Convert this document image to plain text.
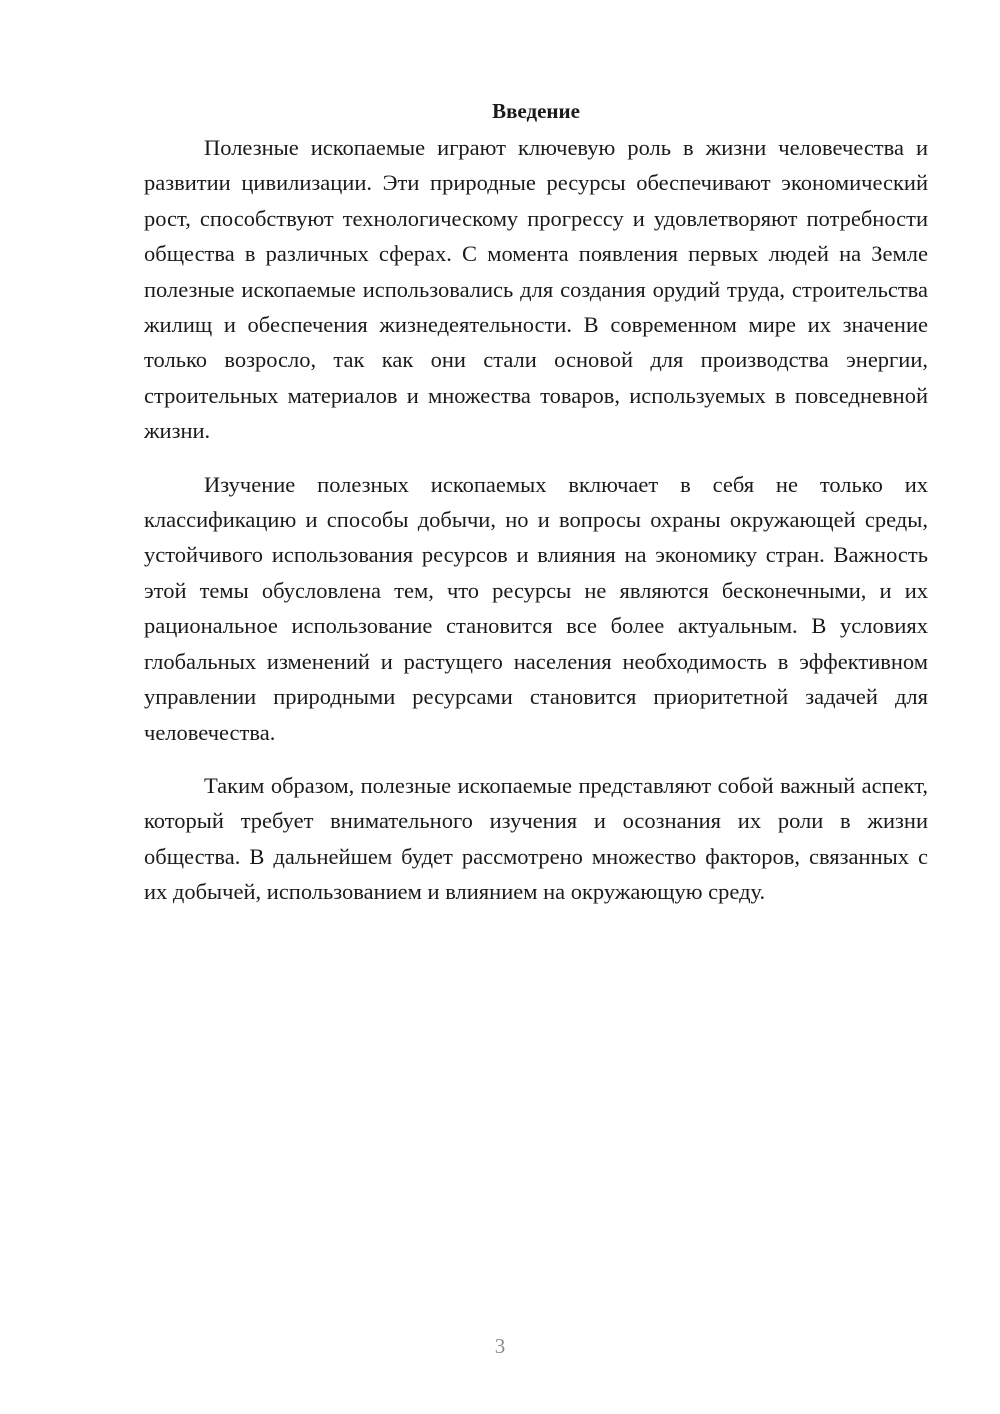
Введение

Полезные ископаемые играют ключевую роль в жизни человечества и развитии цивилизации. Эти природные ресурсы обеспечивают экономический рост, способствуют технологическому прогрессу и удовлетворяют потребности общества в различных сферах. С момента появления первых людей на Земле полезные ископаемые использовались для создания орудий труда, строительства жилищ и обеспечения жизнедеятельности. В современном мире их значение только возросло, так как они стали основой для производства энергии, строительных материалов и множества товаров, используемых в повседневной жизни.

Изучение полезных ископаемых включает в себя не только их классификацию и способы добычи, но и вопросы охраны окружающей среды, устойчивого использования ресурсов и влияния на экономику стран. Важность этой темы обусловлена тем, что ресурсы не являются бесконечными, и их рациональное использование становится все более актуальным. В условиях глобальных изменений и растущего населения необходимость в эффективном управлении природными ресурсами становится приоритетной задачей для человечества.

Таким образом, полезные ископаемые представляют собой важный аспект, который требует внимательного изучения и осознания их роли в жизни общества. В дальнейшем будет рассмотрено множество факторов, связанных с их добычей, использованием и влиянием на окружающую среду.

3
